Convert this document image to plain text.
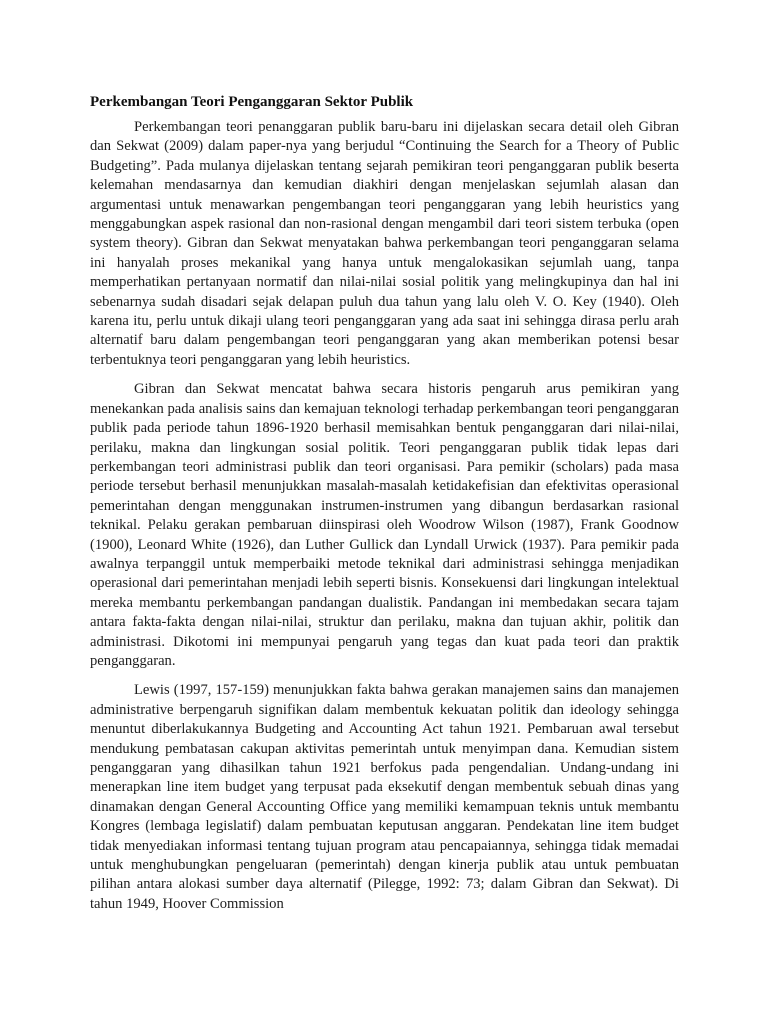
Perkembangan Teori Penganggaran Sektor Publik

Perkembangan teori penanggaran publik baru-baru ini dijelaskan secara detail oleh Gibran dan Sekwat (2009) dalam paper-nya yang berjudul “Continuing the Search for a Theory of Public Budgeting”. Pada mulanya dijelaskan tentang sejarah pemikiran teori penganggaran publik beserta kelemahan mendasarnya dan kemudian diakhiri dengan menjelaskan sejumlah alasan dan argumentasi untuk menawarkan pengembangan teori penganggaran yang lebih heuristics yang menggabungkan aspek rasional dan non-rasional dengan mengambil dari teori sistem terbuka (open system theory). Gibran dan Sekwat menyatakan bahwa perkembangan teori penganggaran selama ini hanyalah proses mekanikal yang hanya untuk mengalokasikan sejumlah uang, tanpa memperhatikan pertanyaan normatif dan nilai-nilai sosial politik yang melingkupinya dan hal ini sebenarnya sudah disadari sejak delapan puluh dua tahun yang lalu oleh V. O. Key (1940). Oleh karena itu, perlu untuk dikaji ulang teori penganggaran yang ada saat ini sehingga dirasa perlu arah alternatif baru dalam pengembangan teori penganggaran yang akan memberikan potensi besar terbentuknya teori penganggaran yang lebih heuristics.

Gibran dan Sekwat mencatat bahwa secara historis pengaruh arus pemikiran yang menekankan pada analisis sains dan kemajuan teknologi terhadap perkembangan teori penganggaran publik pada periode tahun 1896-1920 berhasil memisahkan bentuk penganggaran dari nilai-nilai, perilaku, makna dan lingkungan sosial politik. Teori penganggaran publik tidak lepas dari perkembangan teori administrasi publik dan teori organisasi. Para pemikir (scholars) pada masa periode tersebut berhasil menunjukkan masalah-masalah ketidakefisian dan efektivitas operasional pemerintahan dengan menggunakan instrumen-instrumen yang dibangun berdasarkan rasional teknikal. Pelaku gerakan pembaruan diinspirasi oleh Woodrow Wilson (1987), Frank Goodnow (1900), Leonard White (1926), dan Luther Gullick dan Lyndall Urwick (1937). Para pemikir pada awalnya terpanggil untuk memperbaiki metode teknikal dari administrasi sehingga menjadikan operasional dari pemerintahan menjadi lebih seperti bisnis. Konsekuensi dari lingkungan intelektual mereka membantu perkembangan pandangan dualistik. Pandangan ini membedakan secara tajam antara fakta-fakta dengan nilai-nilai, struktur dan perilaku, makna dan tujuan akhir, politik dan administrasi. Dikotomi ini mempunyai pengaruh yang tegas dan kuat pada teori dan praktik penganggaran.

Lewis (1997, 157-159) menunjukkan fakta bahwa gerakan manajemen sains dan manajemen administrative berpengaruh signifikan dalam membentuk kekuatan politik dan ideology sehingga menuntut diberlakukannya Budgeting and Accounting Act tahun 1921. Pembaruan awal tersebut mendukung pembatasan cakupan aktivitas pemerintah untuk menyimpan dana. Kemudian sistem penganggaran yang dihasilkan tahun 1921 berfokus pada pengendalian. Undang-undang ini menerapkan line item budget yang terpusat pada eksekutif dengan membentuk sebuah dinas yang dinamakan dengan General Accounting Office yang memiliki kemampuan teknis untuk membantu Kongres (lembaga legislatif) dalam pembuatan keputusan anggaran. Pendekatan line item budget tidak menyediakan informasi tentang tujuan program atau pencapaiannya, sehingga tidak memadai untuk menghubungkan pengeluaran (pemerintah) dengan kinerja publik atau untuk pembuatan pilihan antara alokasi sumber daya alternatif (Pilegge, 1992: 73; dalam Gibran dan Sekwat). Di tahun 1949, Hoover Commission
